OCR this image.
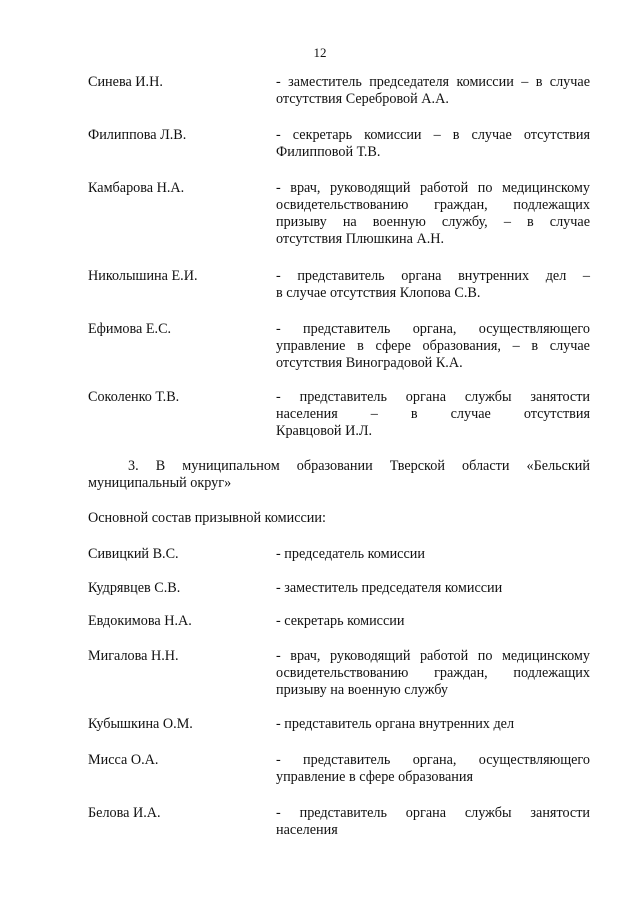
12
Синева И.Н.	- заместитель председателя комиссии – в случае

отсутствия Серебровой А.А.

Филиппова Л.В.	- секретарь комиссии – в случае отсутствия

Филипповой Т.В.

Камбарова Н.А.	- врач, руководящий работой по медицинскому

освидетельствованию граждан, подлежащих

призыву на военную службу, – в случае

отсутствия Плюшкина А.Н.

Николышина Е.И.	- представитель органа внутренних дел –

в случае отсутствия Клопова С.В.

Ефимова Е.С.	- представитель органа, осуществляющего

управление в сфере образования, – в случае

отсутствия Виноградовой К.А.

Соколенко Т.В.	- представитель органа службы занятости

населения – в случае отсутствия

Кравцовой И.Л.

3. В муниципальном образовании Тверской области «Бельский

муниципальный округ»

Основной состав призывной комиссии:
Сивицкий В.С.	- председатель комиссии

Кудрявцев С.В.	- заместитель председателя комиссии

Евдокимова Н.А.	- секретарь комиссии

Мигалова Н.Н.	- врач, руководящий работой по медицинскому

освидетельствованию граждан, подлежащих

призыву на военную службу

Кубышкина О.М.	- представитель органа внутренних дел

Мисса О.А.	- представитель органа, осуществляющего

управление в сфере образования

Белова И.А.	- представитель органа службы занятости

населения
